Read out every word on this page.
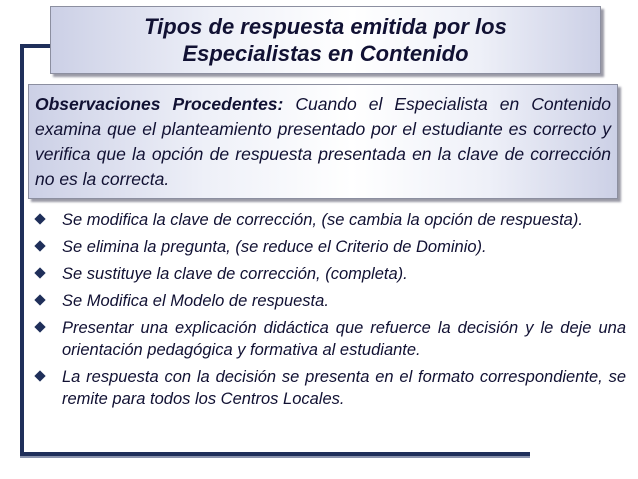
Tipos de respuesta emitida por los
Especialistas en Contenido

Observaciones Procedentes: Cuando el Especialista en Contenido examina que el planteamiento presentado por el estudiante es correcto y verifica que la opción de respuesta presentada en la clave de corrección no es la correcta.

Se modifica la clave de corrección, (se cambia la opción de respuesta).
Se elimina la pregunta, (se reduce el Criterio de Dominio).
Se sustituye la clave de corrección, (completa).
Se Modifica el Modelo de respuesta.
Presentar una explicación didáctica que refuerce la decisión y le deje una orientación pedagógica y formativa al estudiante.
La respuesta con la decisión se presenta en el formato correspondiente, se remite para todos los Centros Locales.
